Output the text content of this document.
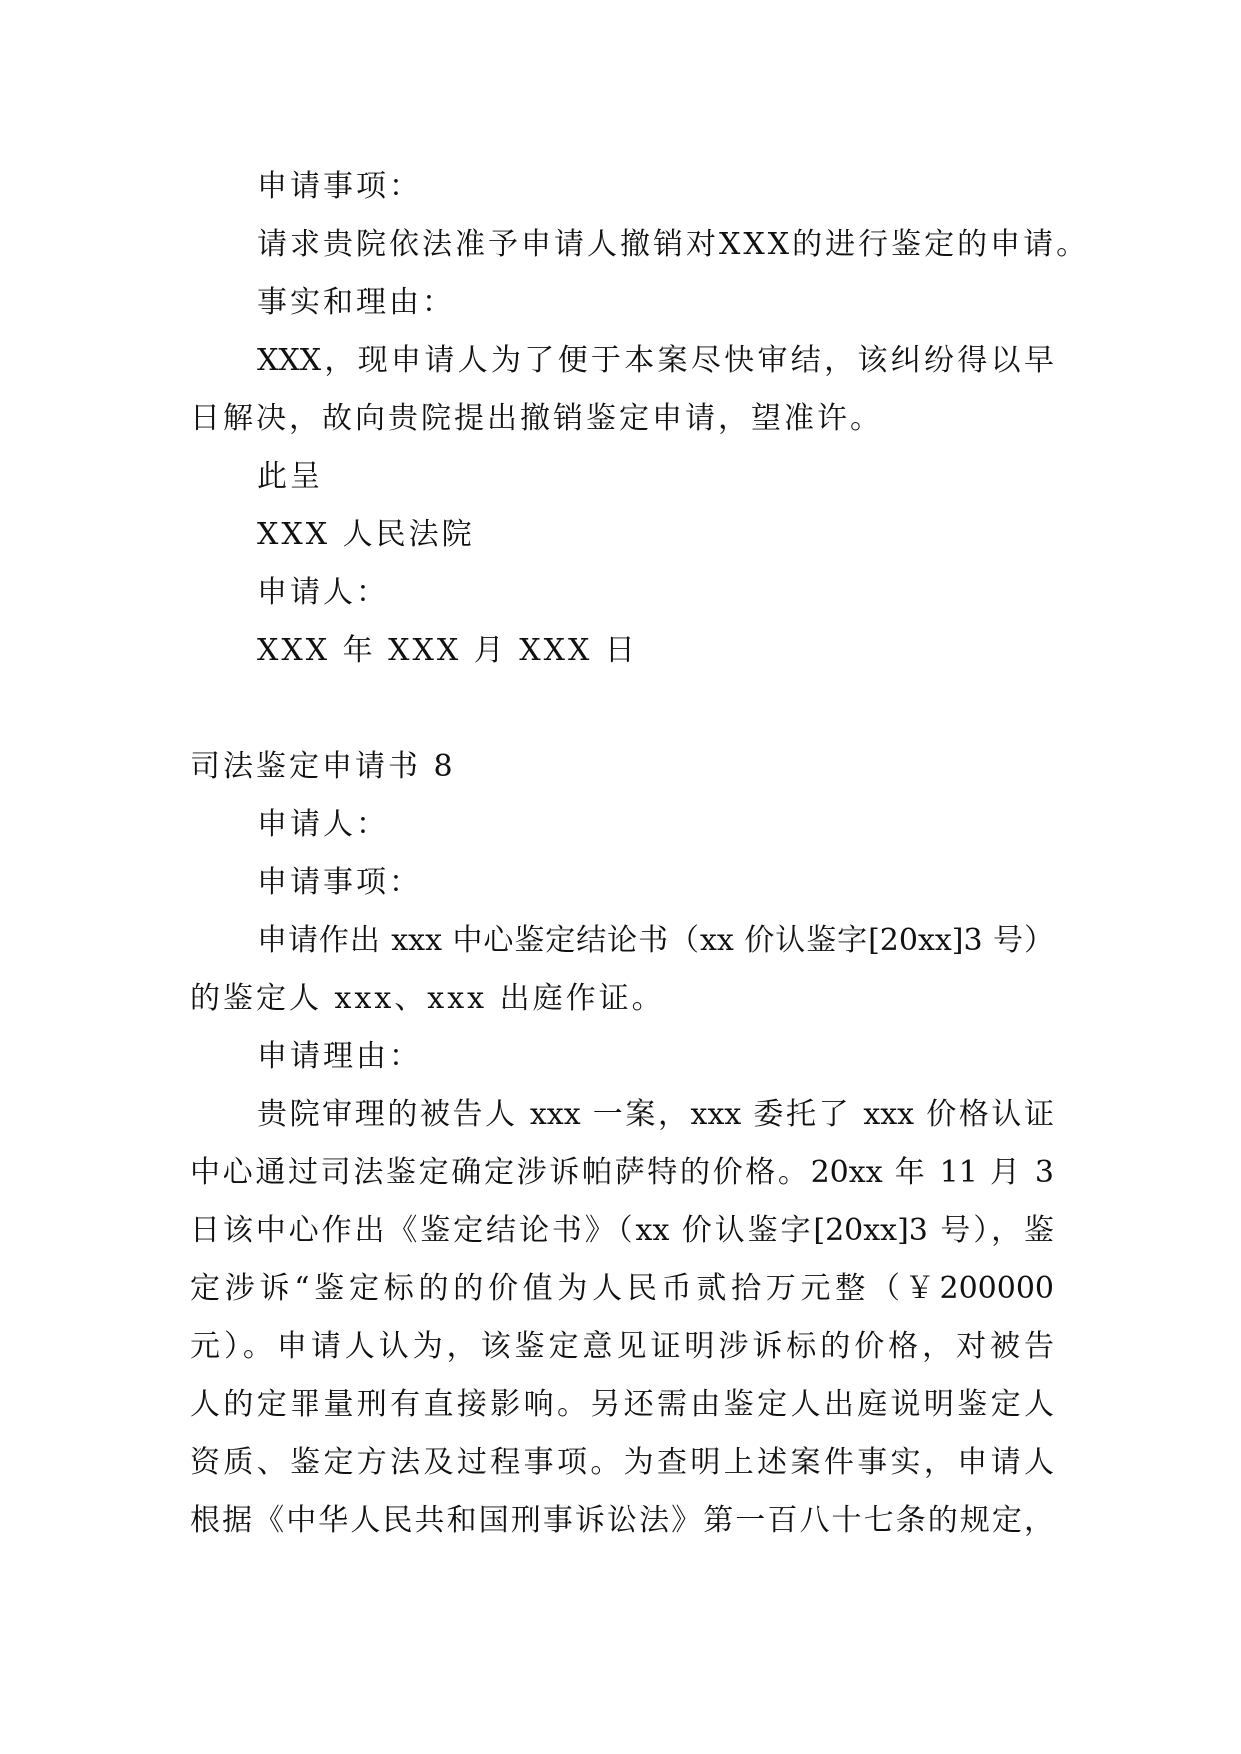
申请事项：
请求贵院依法准予申请人撤销对XXX的进行鉴定的申请。
事实和理由：
XXX，现申请人为了便于本案尽快审结，该纠纷得以早
日解决，故向贵院提出撤销鉴定申请，望准许。
此呈
XXX 人民法院
申请人：
XXX 年 XXX 月 XXX 日
司法鉴定申请书 8
申请人：
申请事项：
申请作出 xxx 中心鉴定结论书（xx 价认鉴字[20xx]3 号）
的鉴定人 xxx、xxx 出庭作证。
申请理由：
贵院审理的被告人 xxx 一案，xxx 委托了 xxx 价格认证
中心通过司法鉴定确定涉诉帕萨特的价格。20xx 年 11 月 3
日该中心作出《鉴定结论书》（xx 价认鉴字[20xx]3 号），鉴
定涉诉“鉴定标的的价值为人民币贰拾万元整（￥200000
元）。申请人认为，该鉴定意见证明涉诉标的价格，对被告
人的定罪量刑有直接影响。另还需由鉴定人出庭说明鉴定人
资质、鉴定方法及过程事项。为查明上述案件事实，申请人
根据《中华人民共和国刑事诉讼法》第一百八十七条的规定，
